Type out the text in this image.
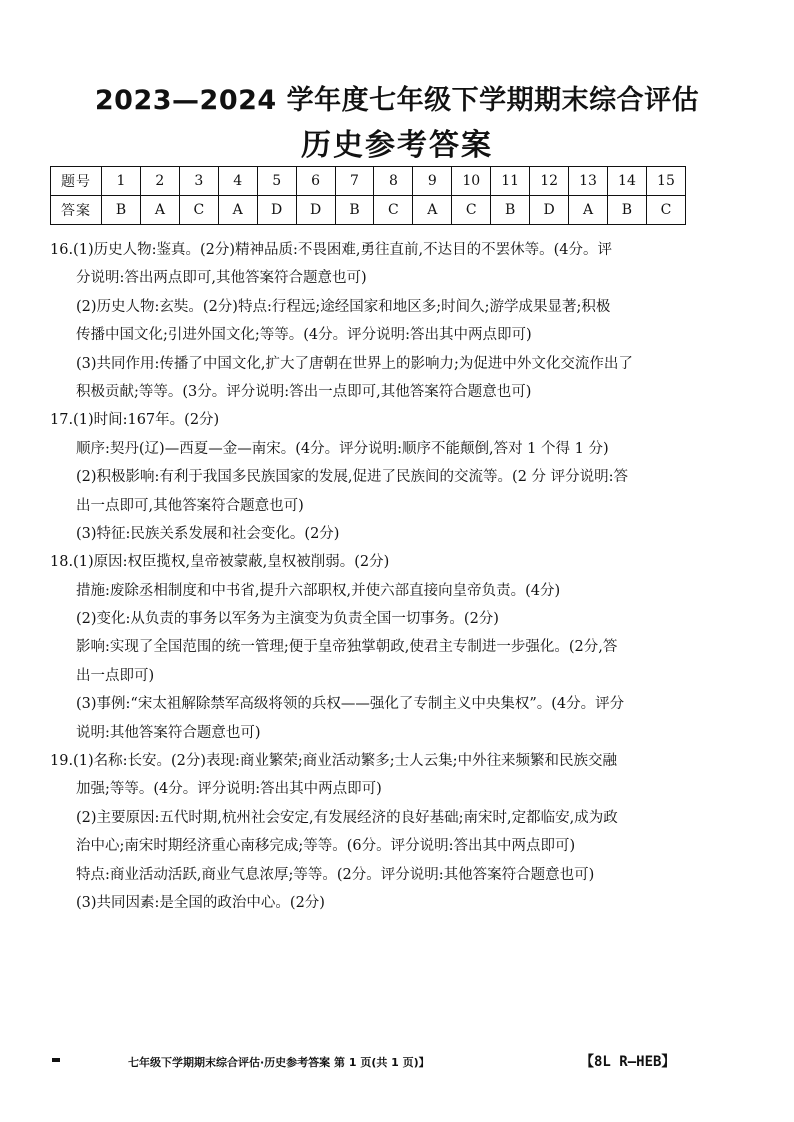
2023—2024 学年度七年级下学期期末综合评估
历史参考答案
题号	1	2	3	4	5	6	7	8	9	10	11	12	13	14	15
答案	B	A	C	A	D	D	B	C	A	C	B	D	A	B	C
16.(1)历史人物:鉴真。(2分)精神品质:不畏困难,勇往直前,不达目的不罢休等。(4分。评
分说明:答出两点即可,其他答案符合题意也可)
(2)历史人物:玄奘。(2分)特点:行程远;途经国家和地区多;时间久;游学成果显著;积极
传播中国文化;引进外国文化;等等。(4分。评分说明:答出其中两点即可)
(3)共同作用:传播了中国文化,扩大了唐朝在世界上的影响力;为促进中外文化交流作出了
积极贡献;等等。(3分。评分说明:答出一点即可,其他答案符合题意也可)
17.(1)时间:167年。(2分)
顺序:契丹(辽)—西夏—金—南宋。(4分。评分说明:顺序不能颠倒,答对 1 个得 1 分)
(2)积极影响:有利于我国多民族国家的发展,促进了民族间的交流等。(2 分 评分说明:答
出一点即可,其他答案符合题意也可)
(3)特征:民族关系发展和社会变化。(2分)
18.(1)原因:权臣揽权,皇帝被蒙蔽,皇权被削弱。(2分)
措施:废除丞相制度和中书省,提升六部职权,并使六部直接向皇帝负责。(4分)
(2)变化:从负责的事务以军务为主演变为负责全国一切事务。(2分)
影响:实现了全国范围的统一管理;便于皇帝独掌朝政,使君主专制进一步强化。(2分,答
出一点即可)
(3)事例:“宋太祖解除禁军高级将领的兵权——强化了专制主义中央集权”。(4分。评分
说明:其他答案符合题意也可)
19.(1)名称:长安。(2分)表现:商业繁荣;商业活动繁多;士人云集;中外往来频繁和民族交融
加强;等等。(4分。评分说明:答出其中两点即可)
(2)主要原因:五代时期,杭州社会安定,有发展经济的良好基础;南宋时,定都临安,成为政
治中心;南宋时期经济重心南移完成;等等。(6分。评分说明:答出其中两点即可)
特点:商业活动活跃,商业气息浓厚;等等。(2分。评分说明:其他答案符合题意也可)
(3)共同因素:是全国的政治中心。(2分)
七年级下学期期末综合评估·历史参考答案 第 1 页(共 1 页)】	【8L R—HEB】
